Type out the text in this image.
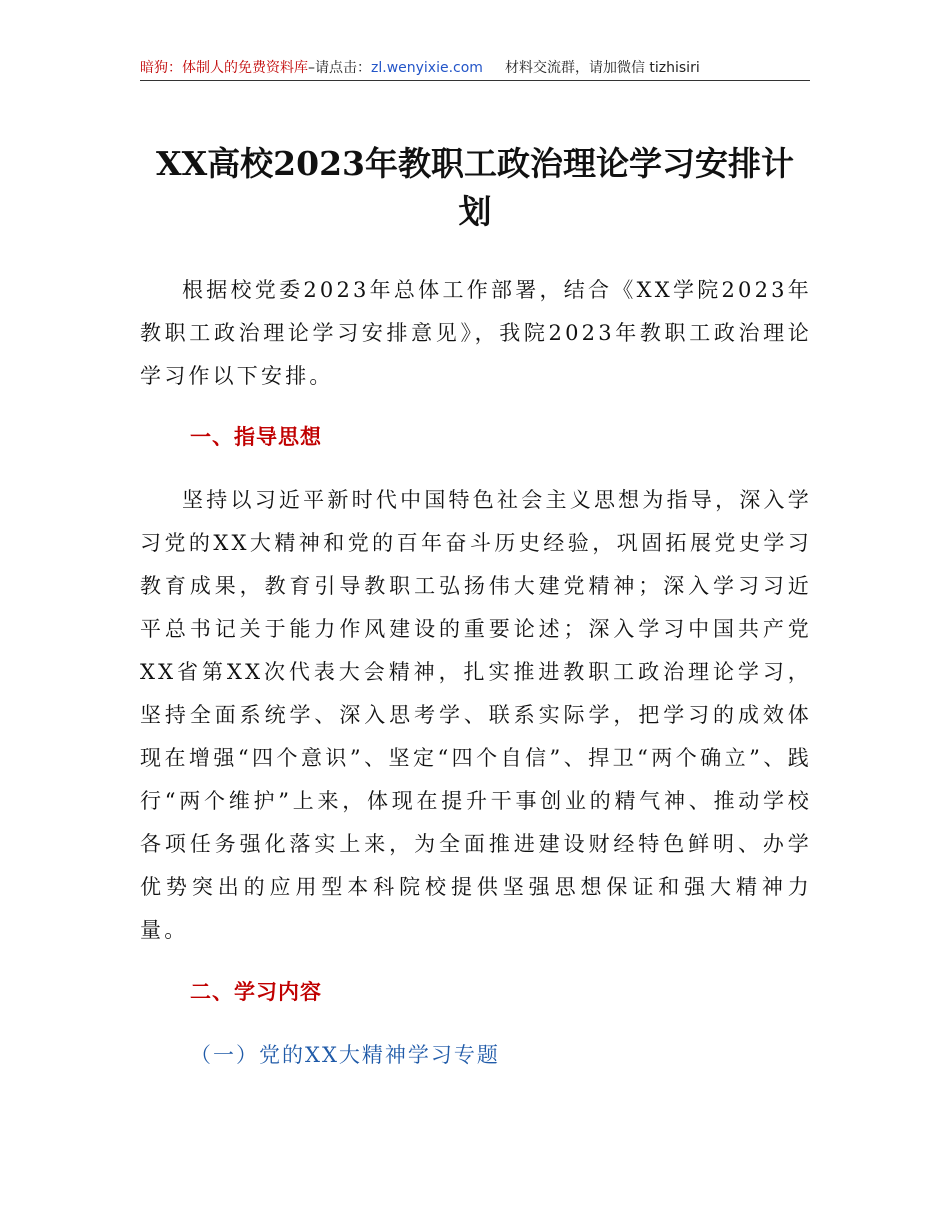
暗狗：体制人的免费资料库–请点击：zl.wenyixie.com 材料交流群，请加微信 tizhisiri
XX高校2023年教职工政治理论学习安排计划
根据校党委2023年总体工作部署，结合《XX学院2023年教职工政治理论学习安排意见》，我院2023年教职工政治理论学习作以下安排。
一、指导思想
坚持以习近平新时代中国特色社会主义思想为指导，深入学习党的XX大精神和党的百年奋斗历史经验，巩固拓展党史学习教育成果，教育引导教职工弘扬伟大建党精神；深入学习习近平总书记关于能力作风建设的重要论述；深入学习中国共产党XX省第XX次代表大会精神，扎实推进教职工政治理论学习，坚持全面系统学、深入思考学、联系实际学，把学习的成效体现在增强“四个意识”、坚定“四个自信”、捍卫“两个确立”、践行“两个维护”上来，体现在提升干事创业的精气神、推动学校各项任务强化落实上来，为全面推进建设财经特色鲜明、办学优势突出的应用型本科院校提供坚强思想保证和强大精神力量。
二、学习内容
（一）党的XX大精神学习专题
